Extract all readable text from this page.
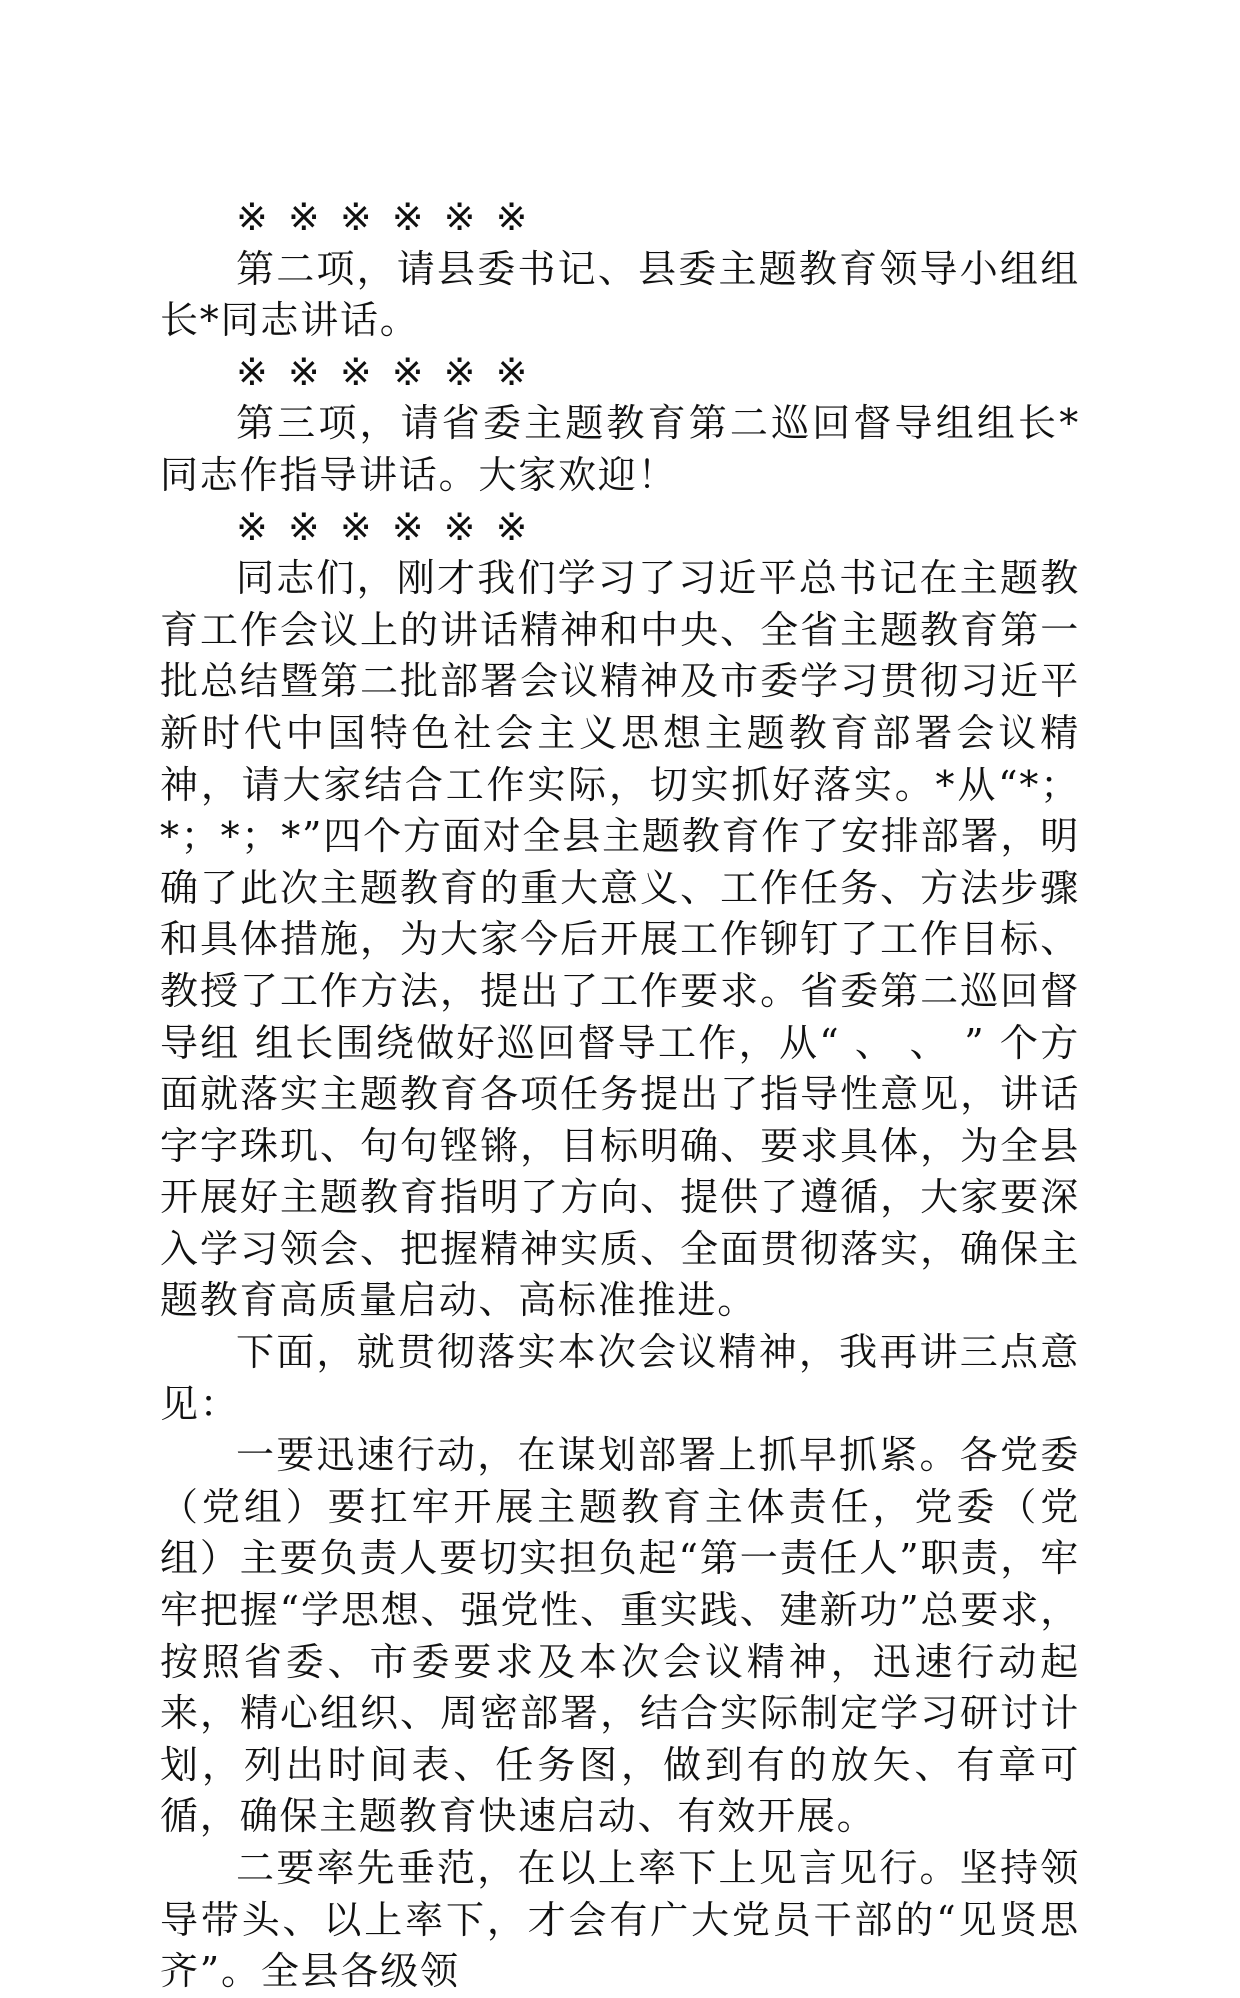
※ ※ ※ ※ ※ ※

第二项，请县委书记、县委主题教育领导小组组长*同志讲话。

※ ※ ※ ※ ※ ※

第三项，请省委主题教育第二巡回督导组组长*同志作指导讲话。大家欢迎！

※ ※ ※ ※ ※ ※

同志们，刚才我们学习了习近平总书记在主题教育工作会议上的讲话精神和中央、全省主题教育第一批总结暨第二批部署会议精神及市委学习贯彻习近平新时代中国特色社会主义思想主题教育部署会议精神，请大家结合工作实际，切实抓好落实。*从“*；*；*；*”四个方面对全县主题教育作了安排部署，明确了此次主题教育的重大意义、工作任务、方法步骤和具体措施，为大家今后开展工作铆钉了工作目标、教授了工作方法，提出了工作要求。省委第二巡回督导组 组长围绕做好巡回督导工作，从“ 、 、 ” 个方面就落实主题教育各项任务提出了指导性意见，讲话字字珠玑、句句铿锵，目标明确、要求具体，为全县开展好主题教育指明了方向、提供了遵循，大家要深入学习领会、把握精神实质、全面贯彻落实，确保主题教育高质量启动、高标准推进。

下面，就贯彻落实本次会议精神，我再讲三点意见：

一要迅速行动，在谋划部署上抓早抓紧。各党委（党组）要扛牢开展主题教育主体责任，党委（党组）主要负责人要切实担负起“第一责任人”职责，牢牢把握“学思想、强党性、重实践、建新功”总要求，按照省委、市委要求及本次会议精神，迅速行动起来，精心组织、周密部署，结合实际制定学习研讨计划，列出时间表、任务图，做到有的放矢、有章可循，确保主题教育快速启动、有效开展。

二要率先垂范，在以上率下上见言见行。坚持领导带头、以上率下，才会有广大党员干部的“见贤思齐”。全县各级领
